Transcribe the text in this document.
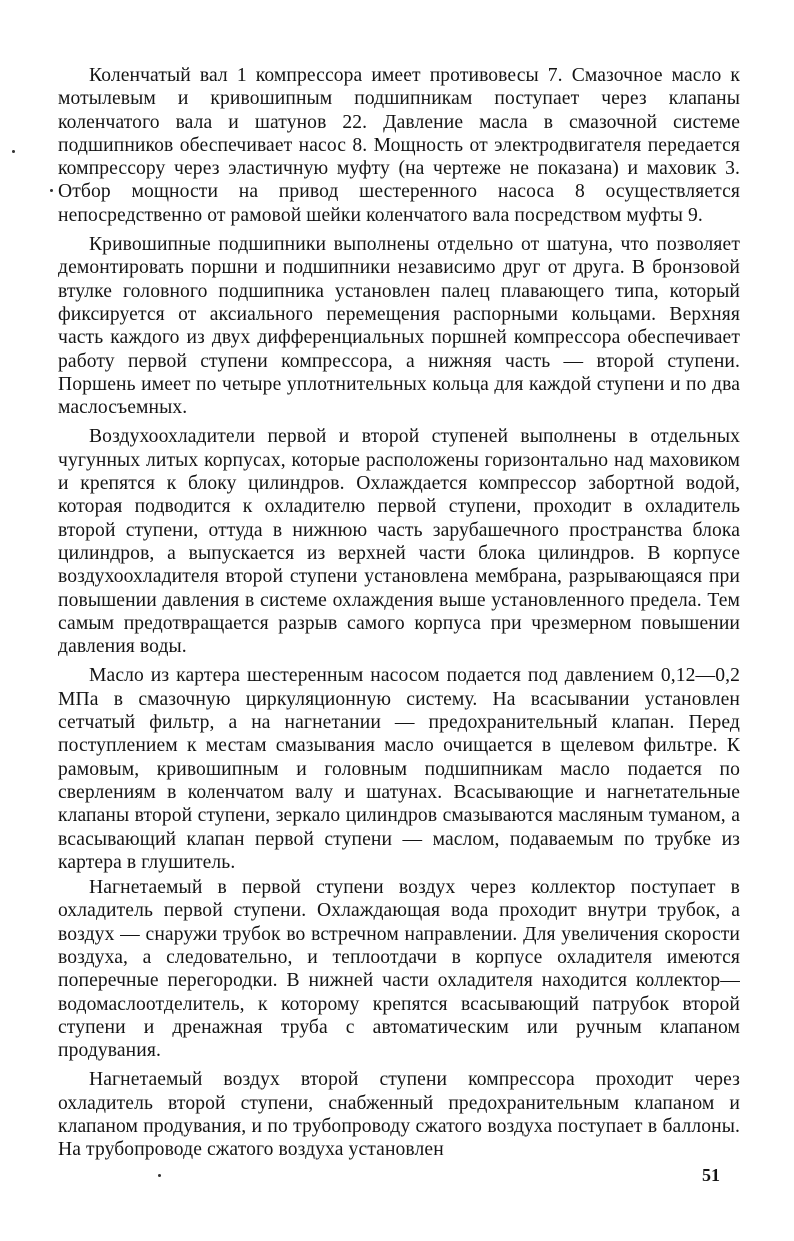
Коленчатый вал 1 компрессора имеет противовесы 7. Смазочное масло к мотылевым и кривошипным подшипникам поступает через клапаны коленчатого вала и шатунов 22. Давление масла в смазочной системе подшипников обеспечивает насос 8. Мощность от электродвигателя передается компрессору через эластичную муфту (на чертеже не показана) и маховик 3. Отбор мощности на привод шестеренного насоса 8 осуществляется непосредственно от рамовой шейки коленчатого вала посредством муфты 9.

Кривошипные подшипники выполнены отдельно от шатуна, что позволяет демонтировать поршни и подшипники независимо друг от друга. В бронзовой втулке головного подшипника установлен палец плавающего типа, который фиксируется от аксиального перемещения распорными кольцами. Верхняя часть каждого из двух дифференциальных поршней компрессора обеспечивает работу первой ступени компрессора, а нижняя часть — второй ступени. Поршень имеет по четыре уплотнительных кольца для каждой ступени и по два маслосъемных.

Воздухоохладители первой и второй ступеней выполнены в отдельных чугунных литых корпусах, которые расположены горизонтально над маховиком и крепятся к блоку цилиндров. Охлаждается компрессор забортной водой, которая подводится к охладителю первой ступени, проходит в охладитель второй ступени, оттуда в нижнюю часть зарубашечного пространства блока цилиндров, а выпускается из верхней части блока цилиндров. В корпусе воздухоохладителя второй ступени установлена мембрана, разрывающаяся при повышении давления в системе охлаждения выше установленного предела. Тем самым предотвращается разрыв самого корпуса при чрезмерном повышении давления воды.

Масло из картера шестеренным насосом подается под давлением 0,12—0,2 МПа в смазочную циркуляционную систему. На всасывании установлен сетчатый фильтр, а на нагнетании — предохранительный клапан. Перед поступлением к местам смазывания масло очищается в щелевом фильтре. К рамовым, кривошипным и головным подшипникам масло подается по сверлениям в коленчатом валу и шатунах. Всасывающие и нагнетательные клапаны второй ступени, зеркало цилиндров смазываются масляным туманом, а всасывающий клапан первой ступени — маслом, подаваемым по трубке из картера в глушитель.

Нагнетаемый в первой ступени воздух через коллектор поступает в охладитель первой ступени. Охлаждающая вода проходит внутри трубок, а воздух — снаружи трубок во встречном направлении. Для увеличения скорости воздуха, а следовательно, и теплоотдачи в корпусе охладителя имеются поперечные перегородки. В нижней части охладителя находится коллектор—водомаслоотделитель, к которому крепятся всасывающий патрубок второй ступени и дренажная труба с автоматическим или ручным клапаном продувания.

Нагнетаемый воздух второй ступени компрессора проходит через охладитель второй ступени, снабженный предохранительным клапаном и клапаном продувания, и по трубопроводу сжатого воздуха поступает в баллоны. На трубопроводе сжатого воздуха установлен

51
